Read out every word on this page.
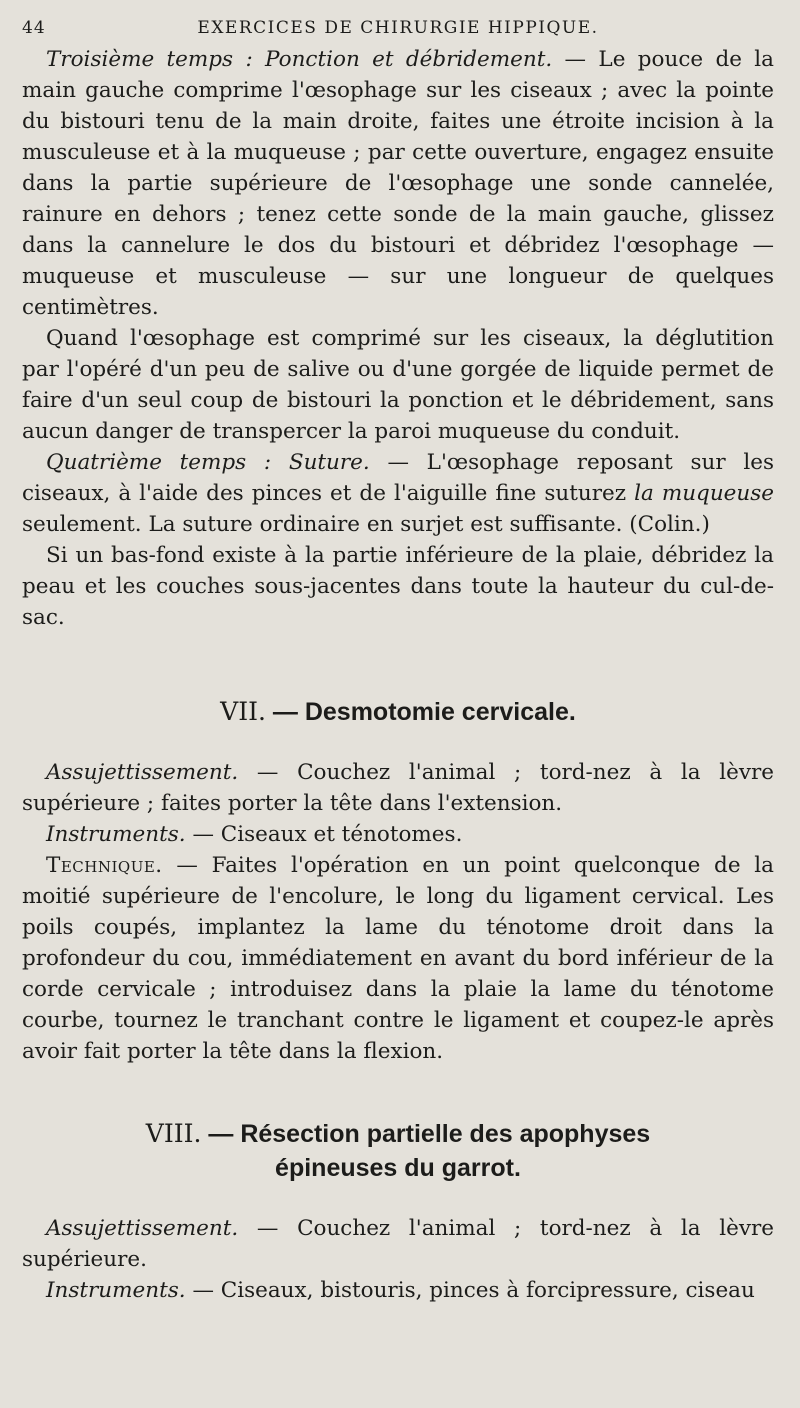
44	EXERCICES DE CHIRURGIE HIPPIQUE.

Troisième temps : Ponction et débridement. — Le pouce de la main gauche comprime l'œsophage sur les ciseaux ; avec la pointe du bistouri tenu de la main droite, faites une étroite incision à la musculeuse et à la muqueuse ; par cette ouverture, engagez ensuite dans la partie supérieure de l'œsophage une sonde cannelée, rainure en dehors ; tenez cette sonde de la main gauche, glissez dans la cannelure le dos du bistouri et débridez l'œsophage — muqueuse et musculeuse — sur une longueur de quelques centimètres.

Quand l'œsophage est comprimé sur les ciseaux, la déglutition par l'opéré d'un peu de salive ou d'une gorgée de liquide permet de faire d'un seul coup de bistouri la ponction et le débridement, sans aucun danger de transpercer la paroi muqueuse du conduit.

Quatrième temps : Suture. — L'œsophage reposant sur les ciseaux, à l'aide des pinces et de l'aiguille fine suturez la muqueuse seulement. La suture ordinaire en surjet est suffisante. (Colin.)

Si un bas-fond existe à la partie inférieure de la plaie, débridez la peau et les couches sous-jacentes dans toute la hauteur du cul-de-sac.

VII. — Desmotomie cervicale.

Assujettissement. — Couchez l'animal ; tord-nez à la lèvre supérieure ; faites porter la tête dans l'extension.

Instruments. — Ciseaux et ténotomes.

Technique. — Faites l'opération en un point quelconque de la moitié supérieure de l'encolure, le long du ligament cervical. Les poils coupés, implantez la lame du ténotome droit dans la profondeur du cou, immédiatement en avant du bord inférieur de la corde cervicale ; introduisez dans la plaie la lame du ténotome courbe, tournez le tranchant contre le ligament et coupez-le après avoir fait porter la tête dans la flexion.

VIII. — Résection partielle des apophyses
épineuses du garrot.

Assujettissement. — Couchez l'animal ; tord-nez à la lèvre supérieure.

Instruments. — Ciseaux, bistouris, pinces à forcipressure, ciseau
